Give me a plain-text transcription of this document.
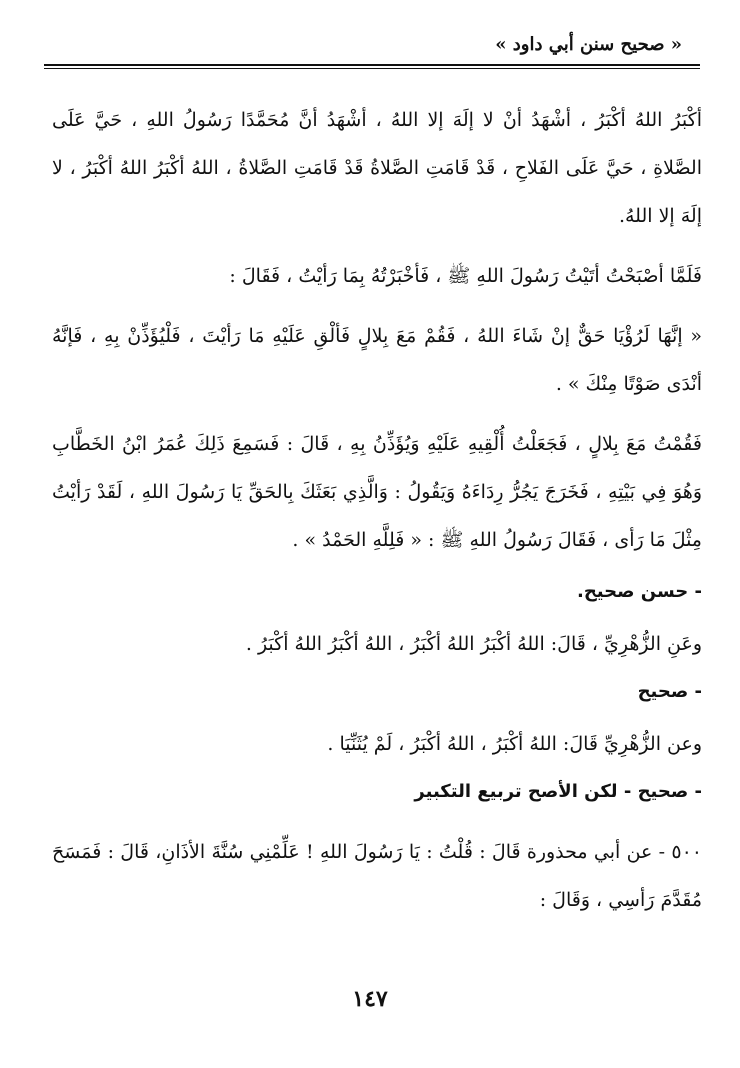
« صحيح سنن أبي داود »

أكْبَرُ اللهُ أكْبَرُ ، أشْهَدُ أنْ لا إلَهَ إلا اللهُ ، أشْهَدُ أنَّ مُحَمَّدًا رَسُولُ اللهِ ، حَيَّ عَلَى الصَّلاةِ ، حَيَّ عَلَى الفَلاحِ ، قَدْ قَامَتِ الصَّلاةُ قَدْ قَامَتِ الصَّلاةُ ، اللهُ أكْبَرُ اللهُ أكْبَرُ ، لا إلَهَ إلا اللهُ.

فَلَمَّا أصْبَحْتُ أتَيْتُ رَسُولَ اللهِ ﷺ ، فَأخْبَرْتُهُ بِمَا رَأيْتُ ، فَقَالَ :

« إنَّهَا لَرُؤْيَا حَقٌّ إنْ شَاءَ اللهُ ، فَقُمْ مَعَ بِلالٍ فَألْقِ عَلَيْهِ مَا رَأيْتَ ، فَلْيُؤَذِّنْ بِهِ ، فَإنَّهُ أنْدَى صَوْتًا مِنْكَ » .

فَقُمْتُ مَعَ بِلالٍ ، فَجَعَلْتُ أُلْقِيهِ عَلَيْهِ وَيُؤَذِّنُ بِهِ ، قَالَ : فَسَمِعَ ذَلِكَ عُمَرُ ابْنُ الخَطَّابِ وَهُوَ فِي بَيْتِهِ ، فَخَرَجَ يَجُرُّ رِدَاءَهُ وَيَقُولُ : وَالَّذِي بَعَثَكَ بِالحَقِّ يَا رَسُولَ اللهِ ، لَقَدْ رَأيْتُ مِثْلَ مَا رَأى ، فَقَالَ رَسُولُ اللهِ ﷺ : « فَلِلَّهِ الحَمْدُ » .

- حسن صحيح.

وعَنِ الزُّهْرِيِّ ، قَالَ: اللهُ أكْبَرُ اللهُ أكْبَرُ ، اللهُ أكْبَرُ اللهُ أكْبَرُ .

- صحيح

وعن الزُّهْرِيِّ قَالَ: اللهُ أكْبَرُ ، اللهُ أكْبَرُ ، لَمْ يُثَنِّيَا .

- صحيح - لكن الأصح تربيع التكبير

٥٠٠ - عن أبي محذورة قَالَ : قُلْتُ : يَا رَسُولَ اللهِ ! عَلِّمْنِي سُنَّةَ الأذَانِ، قَالَ : فَمَسَحَ مُقَدَّمَ رَأسِي ، وَقَالَ :

١٤٧
